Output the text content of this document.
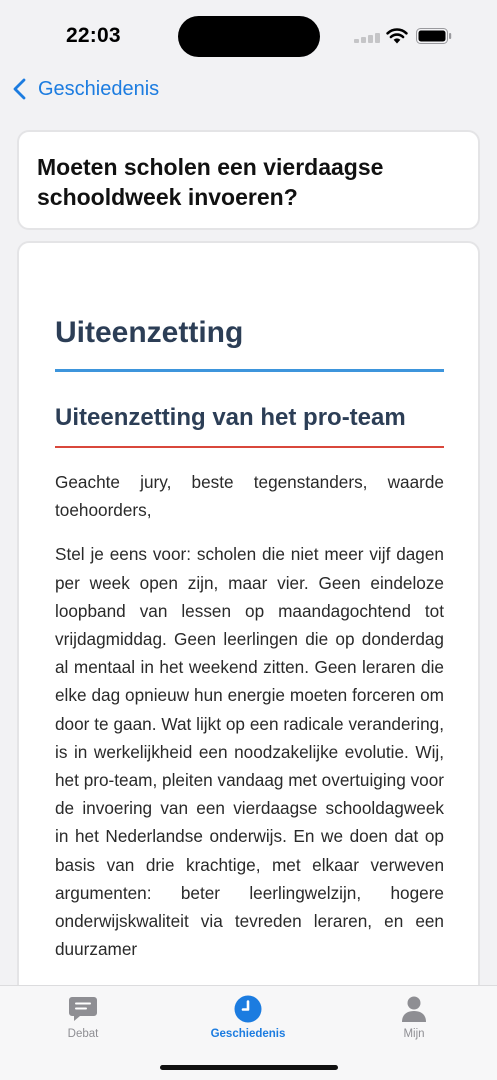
22:03
Geschiedenis
Moeten scholen een vierdaagse schooldweek invoeren?
Uiteenzetting
Uiteenzetting van het pro-team

Geachte jury, beste tegenstanders, waarde toehoorders,

Stel je eens voor: scholen die niet meer vijf dagen per week open zijn, maar vier. Geen eindeloze loopband van lessen op maandagochtend tot vrijdagmiddag. Geen leerlingen die op donderdag al mentaal in het weekend zitten. Geen leraren die elke dag opnieuw hun energie moeten forceren om door te gaan. Wat lijkt op een radicale verandering, is in werkelijkheid een noodzakelijke evolutie. Wij, het pro-team, pleiten vandaag met overtuiging voor de invoering van een vierdaagse schooldagweek in het Nederlandse onderwijs. En we doen dat op basis van drie krachtige, met elkaar verweven argumenten: beter leerlingwelzijn, hogere onderwijskwaliteit via tevreden leraren, en een duurzamer

Debat	Geschiedenis	Mijn
